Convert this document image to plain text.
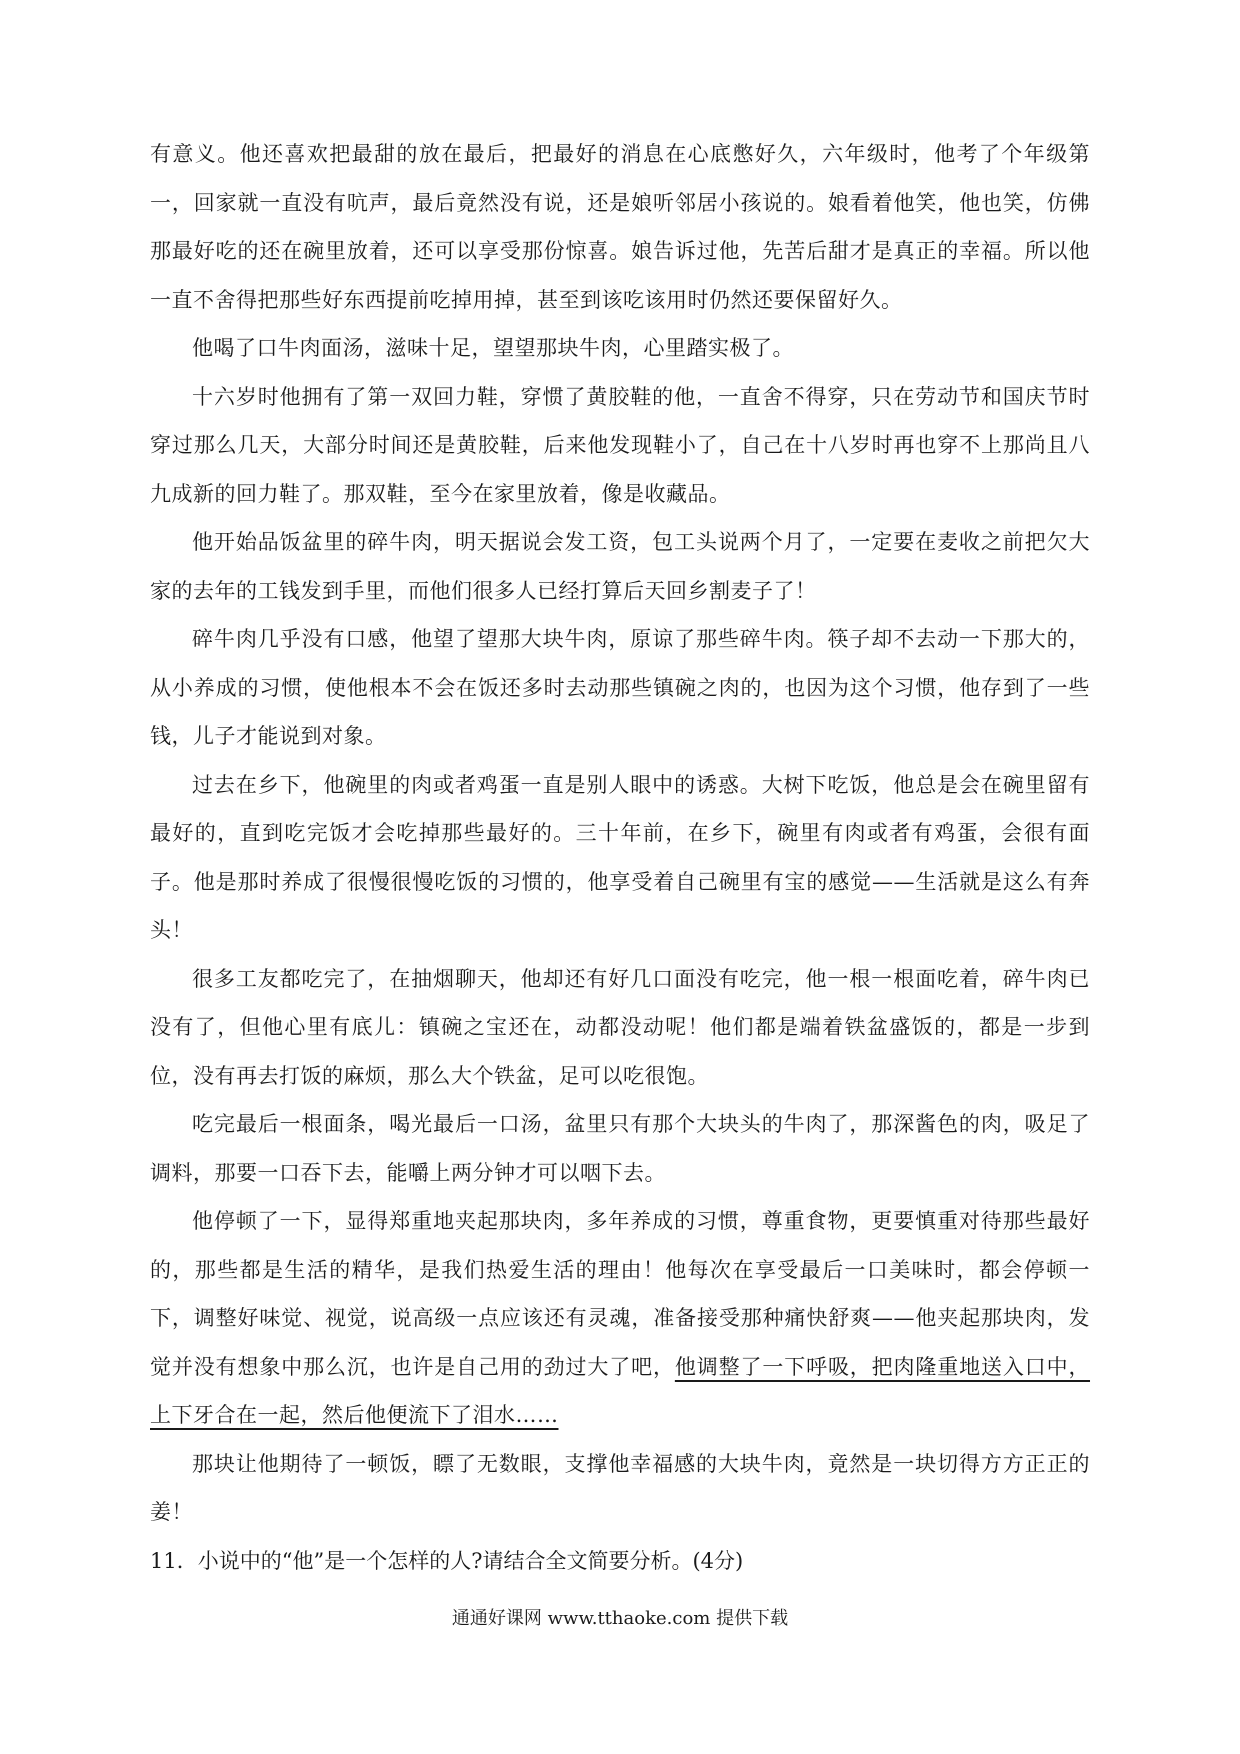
有意义。他还喜欢把最甜的放在最后，把最好的消息在心底憋好久，六年级时，他考了个年级第一，回家就一直没有吭声，最后竟然没有说，还是娘听邻居小孩说的。娘看着他笑，他也笑，仿佛那最好吃的还在碗里放着，还可以享受那份惊喜。娘告诉过他，先苦后甜才是真正的幸福。所以他一直不舍得把那些好东西提前吃掉用掉，甚至到该吃该用时仍然还要保留好久。

他喝了口牛肉面汤，滋味十足，望望那块牛肉，心里踏实极了。

十六岁时他拥有了第一双回力鞋，穿惯了黄胶鞋的他，一直舍不得穿，只在劳动节和国庆节时穿过那么几天，大部分时间还是黄胶鞋，后来他发现鞋小了，自己在十八岁时再也穿不上那尚且八九成新的回力鞋了。那双鞋，至今在家里放着，像是收藏品。

他开始品饭盆里的碎牛肉，明天据说会发工资，包工头说两个月了，一定要在麦收之前把欠大家的去年的工钱发到手里，而他们很多人已经打算后天回乡割麦子了！

碎牛肉几乎没有口感，他望了望那大块牛肉，原谅了那些碎牛肉。筷子却不去动一下那大的，从小养成的习惯，使他根本不会在饭还多时去动那些镇碗之肉的，也因为这个习惯，他存到了一些钱，儿子才能说到对象。

过去在乡下，他碗里的肉或者鸡蛋一直是别人眼中的诱惑。大树下吃饭，他总是会在碗里留有最好的，直到吃完饭才会吃掉那些最好的。三十年前，在乡下，碗里有肉或者有鸡蛋，会很有面子。他是那时养成了很慢很慢吃饭的习惯的，他享受着自己碗里有宝的感觉——生活就是这么有奔头！

很多工友都吃完了，在抽烟聊天，他却还有好几口面没有吃完，他一根一根面吃着，碎牛肉已没有了，但他心里有底儿：镇碗之宝还在，动都没动呢！他们都是端着铁盆盛饭的，都是一步到位，没有再去打饭的麻烦，那么大个铁盆，足可以吃很饱。

吃完最后一根面条，喝光最后一口汤，盆里只有那个大块头的牛肉了，那深酱色的肉，吸足了调料，那要一口吞下去，能嚼上两分钟才可以咽下去。

他停顿了一下，显得郑重地夹起那块肉，多年养成的习惯，尊重食物，更要慎重对待那些最好的，那些都是生活的精华，是我们热爱生活的理由！他每次在享受最后一口美味时，都会停顿一下，调整好味觉、视觉，说高级一点应该还有灵魂，准备接受那种痛快舒爽——他夹起那块肉，发觉并没有想象中那么沉，也许是自己用的劲过大了吧，他调整了一下呼吸，把肉隆重地送入口中，上下牙合在一起，然后他便流下了泪水……

那块让他期待了一顿饭，瞟了无数眼，支撑他幸福感的大块牛肉，竟然是一块切得方方正正的姜！

11．小说中的“他”是一个怎样的人?请结合全文简要分析。(4分)

通通好课网 www.tthaoke.com 提供下载
